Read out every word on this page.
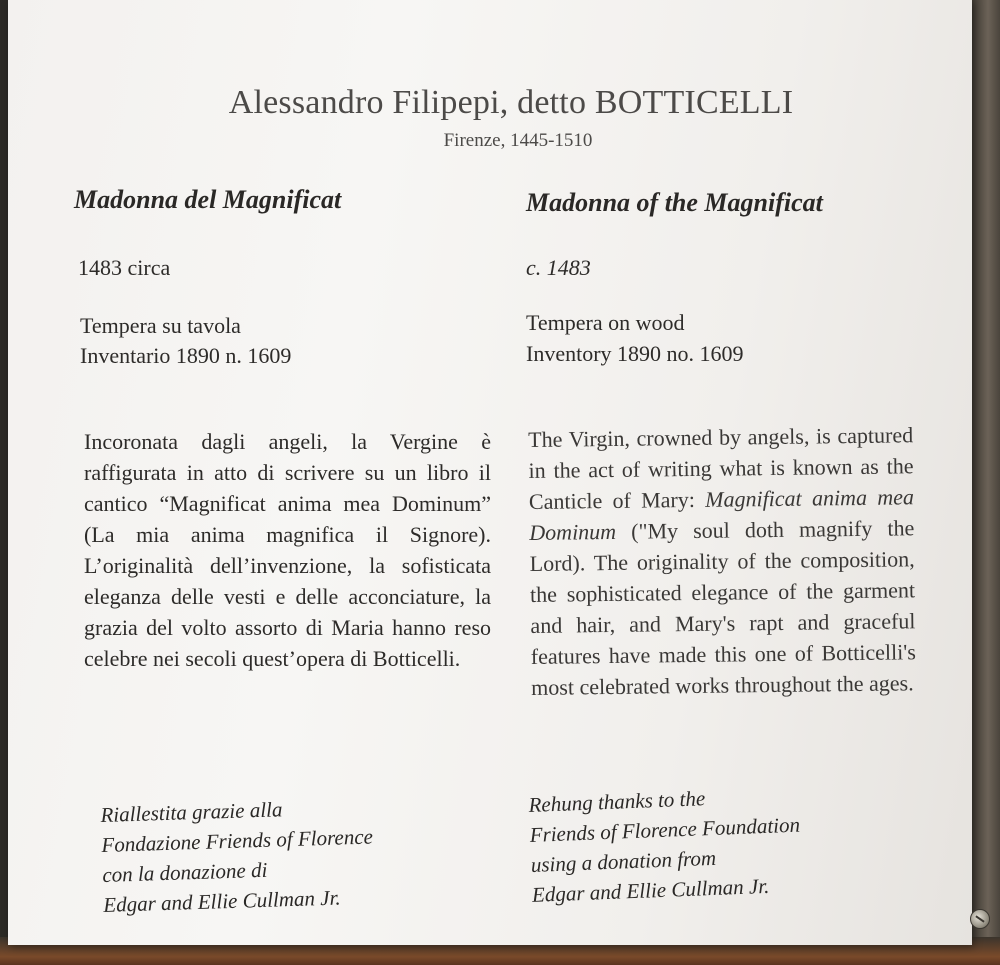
Alessandro Filipepi, detto BOTTICELLI
Firenze, 1445-1510
Madonna del Magnificat
1483 circa
Tempera su tavola
Inventario 1890 n. 1609
Incoronata dagli angeli, la Vergine è raffigurata in atto di scrivere su un libro il cantico “Magnificat anima mea Dominum” (La mia anima magnifica il Signore). L’originalità dell’invenzione, la sofisticata eleganza delle vesti e delle acconciature, la grazia del volto assorto di Maria hanno reso celebre nei secoli quest’opera di Botticelli.
Riallestita grazie alla
Fondazione Friends of Florence
con la donazione di
Edgar and Ellie Cullman Jr.
Madonna of the Magnificat
c. 1483
Tempera on wood
Inventory 1890 no. 1609
The Virgin, crowned by angels, is captured in the act of writing what is known as the Canticle of Mary: Magnificat anima mea Dominum ("My soul doth magnify the Lord). The originality of the composition, the sophisticated elegance of the garment and hair, and Mary's rapt and graceful features have made this one of Botticelli's most celebrated works throughout the ages.
Rehung thanks to the
Friends of Florence Foundation
using a donation from
Edgar and Ellie Cullman Jr.
